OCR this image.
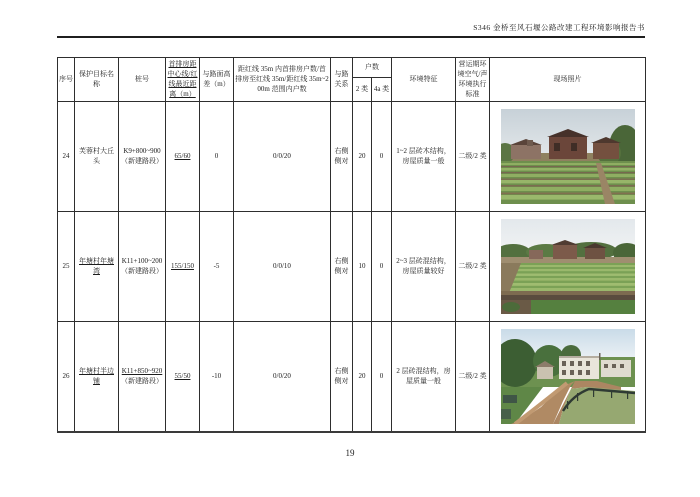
S346 金桥至风石堰公路改建工程环境影响报告书
序号	保护目标名称	桩号	首排房距中心线/红线最近距离（m）	与路面高差（m）	距红线 35m 内首排房户数/首排房至红线 35m/距红线 35m~200m 范围内户数	与路关系	户数		环境特征	营运期环境空气/声环境执行标准	现场照片
							2 类	4a 类			
24	芙蓉村大丘头	K9+800~900（新建路段）	65/60	0	0/0/20	右侧侧对	20	0	1~2 层砖木结构，房屋质量一般	二级/2 类	

25	年塘村年塘湾	K11+100~200（新建路段）	155/150	-5	0/0/10	右侧侧对	10	0	2~3 层砖混结构，房屋质量较好	二级/2 类	

26	年塘村半边铺	K11+850~920（新建路段）	55/50	-10	0/0/20	右侧侧对	20	0	2 层砖混结构，房屋质量一般	二级/2 类	
19
